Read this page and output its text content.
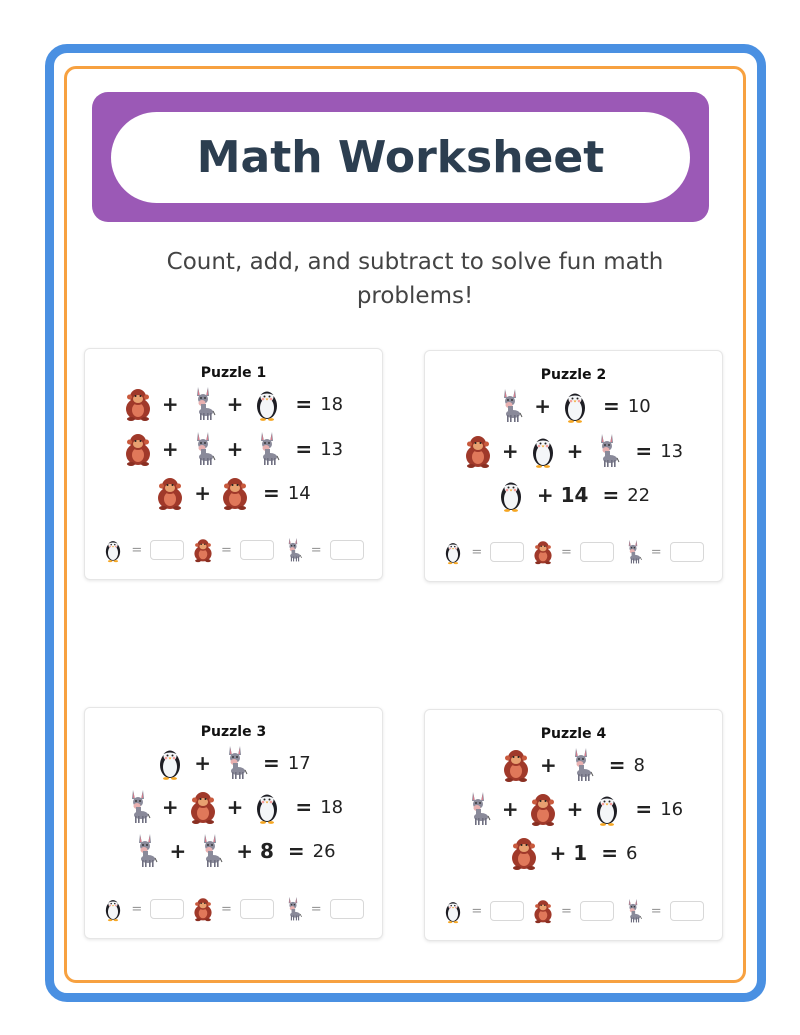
Math Worksheet
Count, add, and subtract to solve fun math problems!
Puzzle 1
+ +	= 18
+ +	= 13
+	= 14
=	=	=
Puzzle 2
+	= 10
+ +	= 13
+ 14 = 22
=	=	=
Puzzle 3
+	= 17
+ +	= 18
+	+ 8 = 26
=	=	=
Puzzle 4
+	= 8
+ +	= 16
+ 1 = 6
=	=	=
